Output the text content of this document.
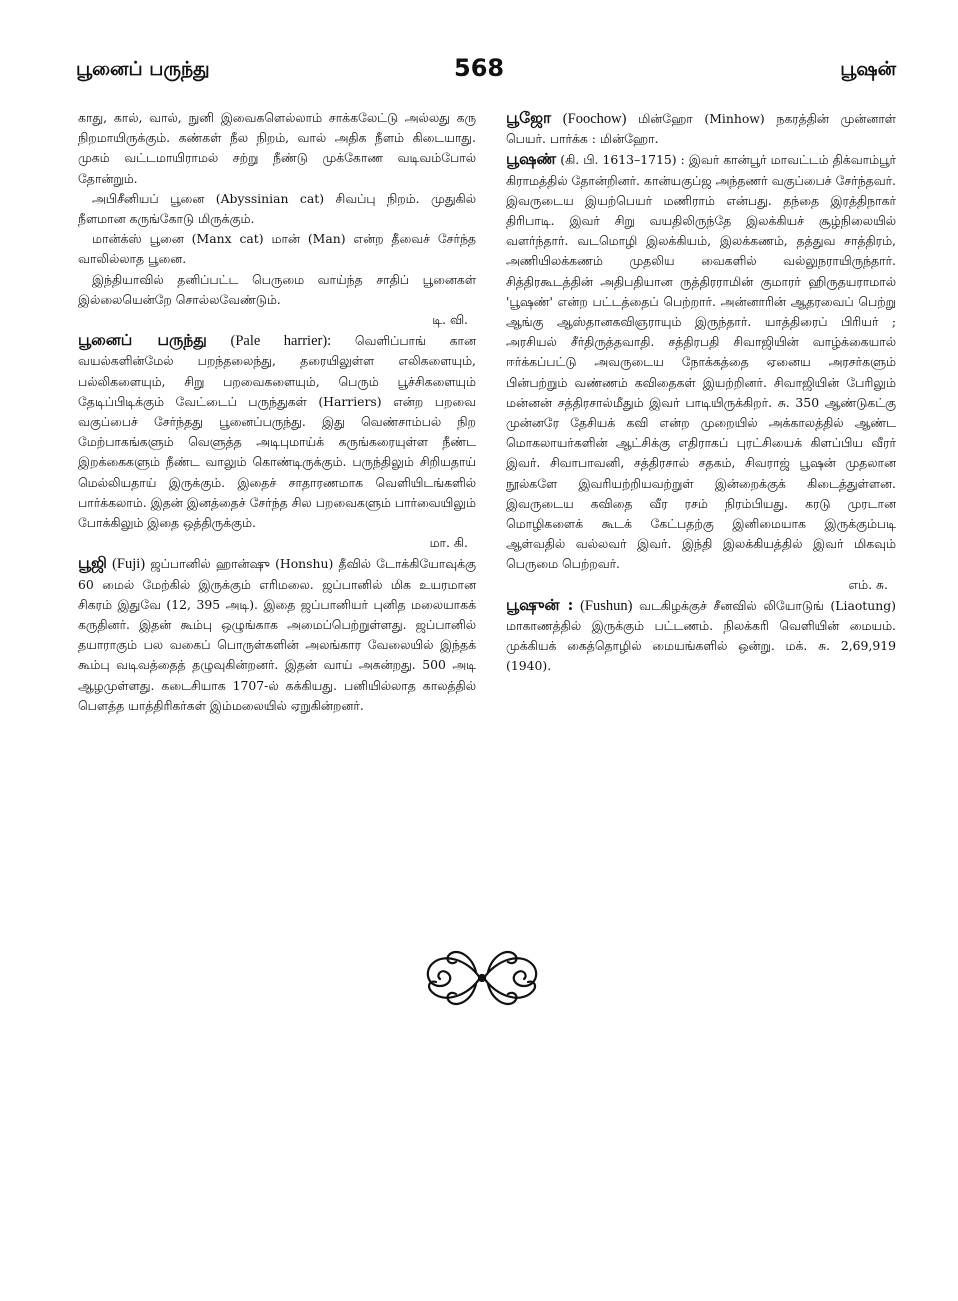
பூனைப் பருந்து	568	பூஷன்

காது, கால், வால், நுனி இவைகளெல்லாம் சாக்கலேட்டு அல்லது கரு நிறமாயிருக்கும். கண்கள் நீல நிறம், வால் அதிக நீளம் கிடையாது. முகம் வட்டமாயிராமல் சற்று நீண்டு முக்கோண வடிவம்போல் தோன்றும்.

அபிசீனியப் பூனை (Abyssinian cat) சிவப்பு நிறம். முதுகில் நீளமான கருங்கோடு மிருக்கும்.

மான்க்ஸ் பூனை (Manx cat) மான் (Man) என்ற தீவைச் சேர்ந்த வாலில்லாத பூனை.

இந்தியாவில் தனிப்பட்ட பெருமை வாய்ந்த சாதிப் பூனைகள் இல்லையென்றே சொல்லவேண்டும்.

டி. வி.

பூனைப் பருந்து (Pale harrier): வெளிப்பாங் கான வயல்களின்மேல் பறந்தலைந்து, தரையிலுள்ள எலிகளையும், பல்லிகளையும், சிறு பறவைகளையும், பெரும் பூச்சிகளையும் தேடிப்பிடிக்கும் வேட்டைப் பருந்துகள் (Harriers) என்ற பறவை வகுப்பைச் சேர்ந்தது பூனைப்பருந்து. இது வெண்சாம்பல் நிற மேற்பாகங்களும் வெளுத்த அடிபுமாய்க் கருங்கரையுள்ள நீண்ட இறக்கைகளும் நீண்ட வாலும் கொண்டிருக்கும். பருந்திலும் சிறியதாய் மெல்லியதாய் இருக்கும். இதைச் சாதாரணமாக வெளியிடங்களில் பார்க்கலாம். இதன் இனத்தைச் சேர்ந்த சில பறவைகளும் பார்வையிலும் போக்கிலும் இதை ஒத்திருக்கும்.

மா. கி.

பூஜி (Fuji) ஜப்பானில் ஹான்ஷு (Honshu) தீவில் டோக்கியோவுக்கு 60 மைல் மேற்கில் இருக்கும் எரிமலை. ஜப்பானில் மிக உயரமான சிகரம் இதுவே (12, 395 அடி). இதை ஜப்பானியர் புனித மலையாகக் கருதினர். இதன் கூம்பு ஒழுங்காக அமைப்பெற்றுள்ளது. ஜப்பானில் தயாராகும் பல வகைப் பொருள்களின் அலங்கார வேலையில் இந்தக் கூம்பு வடிவத்தைத் தழுவுகின்றனர். இதன் வாய் அகன்றது. 500 அடி ஆழமுள்ளது. கடைசியாக 1707-ல் கக்கியது. பனியில்லாத காலத்தில் பௌத்த யாத்திரிகர்கள் இம்மலையில் ஏறுகின்றனர்.

பூஜோ (Foochow) மின்ஹோ (Minhow) நகரத்தின் முன்னாள் பெயர். பார்க்க : மின்ஹோ.

பூஷண் (கி. பி. 1613–1715) : இவர் கான்பூர் மாவட்டம் திக்வாம்பூர் கிராமத்தில் தோன்றினர். கான்யகுப்ஜ அந்தணர் வகுப்பைச் சேர்ந்தவர். இவருடைய இயற்பெயர் மணிராம் என்பது. தந்தை இரத்திநாகர் திரிபாடி. இவர் சிறு வயதிலிருந்தே இலக்கியச் சூழ்நிலையில் வளர்ந்தார். வடமொழி இலக்கியம், இலக்கணம், தத்துவ சாத்திரம், அணியிலக்கணம் முதலிய வைகளில் வல்லுநராயிருந்தார். சித்திரகூடத்தின் அதிபதியான ருத்திரராமின் குமாரர் ஹிருதயராமால் 'பூஷண்' என்ற பட்டத்தைப் பெற்றார். அன்னாரின் ஆதரவைப் பெற்று ஆங்கு ஆஸ்தானகவிஞராயும் இருந்தார். யாத்திரைப் பிரியர் ; அரசியல் சீர்திருத்தவாதி. சத்திரபதி சிவாஜியின் வாழ்க்கையால் ஈர்க்கப்பட்டு அவருடைய நோக்கத்தை ஏனைய அரசர்களும் பின்பற்றும் வண்ணம் கவிதைகள் இயற்றினர். சிவாஜியின் பேரிலும் மன்னன் சத்திரசால்மீதும் இவர் பாடியிருக்கிறர். சு. 350 ஆண்டுகட்கு முன்னரே தேசியக் கவி என்ற முறையில் அக்காலத்தில் ஆண்ட மொகலாயர்களின் ஆட்சிக்கு எதிராகப் புரட்சியைக் கிளப்பிய வீரர் இவர். சிவாபாவனி, சத்திரசால் சதகம், சிவராஜ் பூஷன் முதலான நூல்களே இவரியற்றியவற்றுள் இன்றைக்குக் கிடைத்துள்ளன. இவருடைய கவிதை வீர ரசம் நிரம்பியது. கரடு முரடான மொழிகளைக் கூடக் கேட்பதற்கு இனிமையாக இருக்கும்படி ஆள்வதில் வல்லவர் இவர். இந்தி இலக்கியத்தில் இவர் மிகவும் பெருமை பெற்றவர்.

எம். சு.

பூஷுன் : (Fushun) வடகிழக்குச் சீனவில் லியோடுங் (Liaotung) மாகாணத்தில் இருக்கும் பட்டணம். நிலக்கரி வெளியின் மையம். முக்கியக் கைத்தொழில் மையங்களில் ஒன்று. மக். சு. 2,69,919 (1940).
